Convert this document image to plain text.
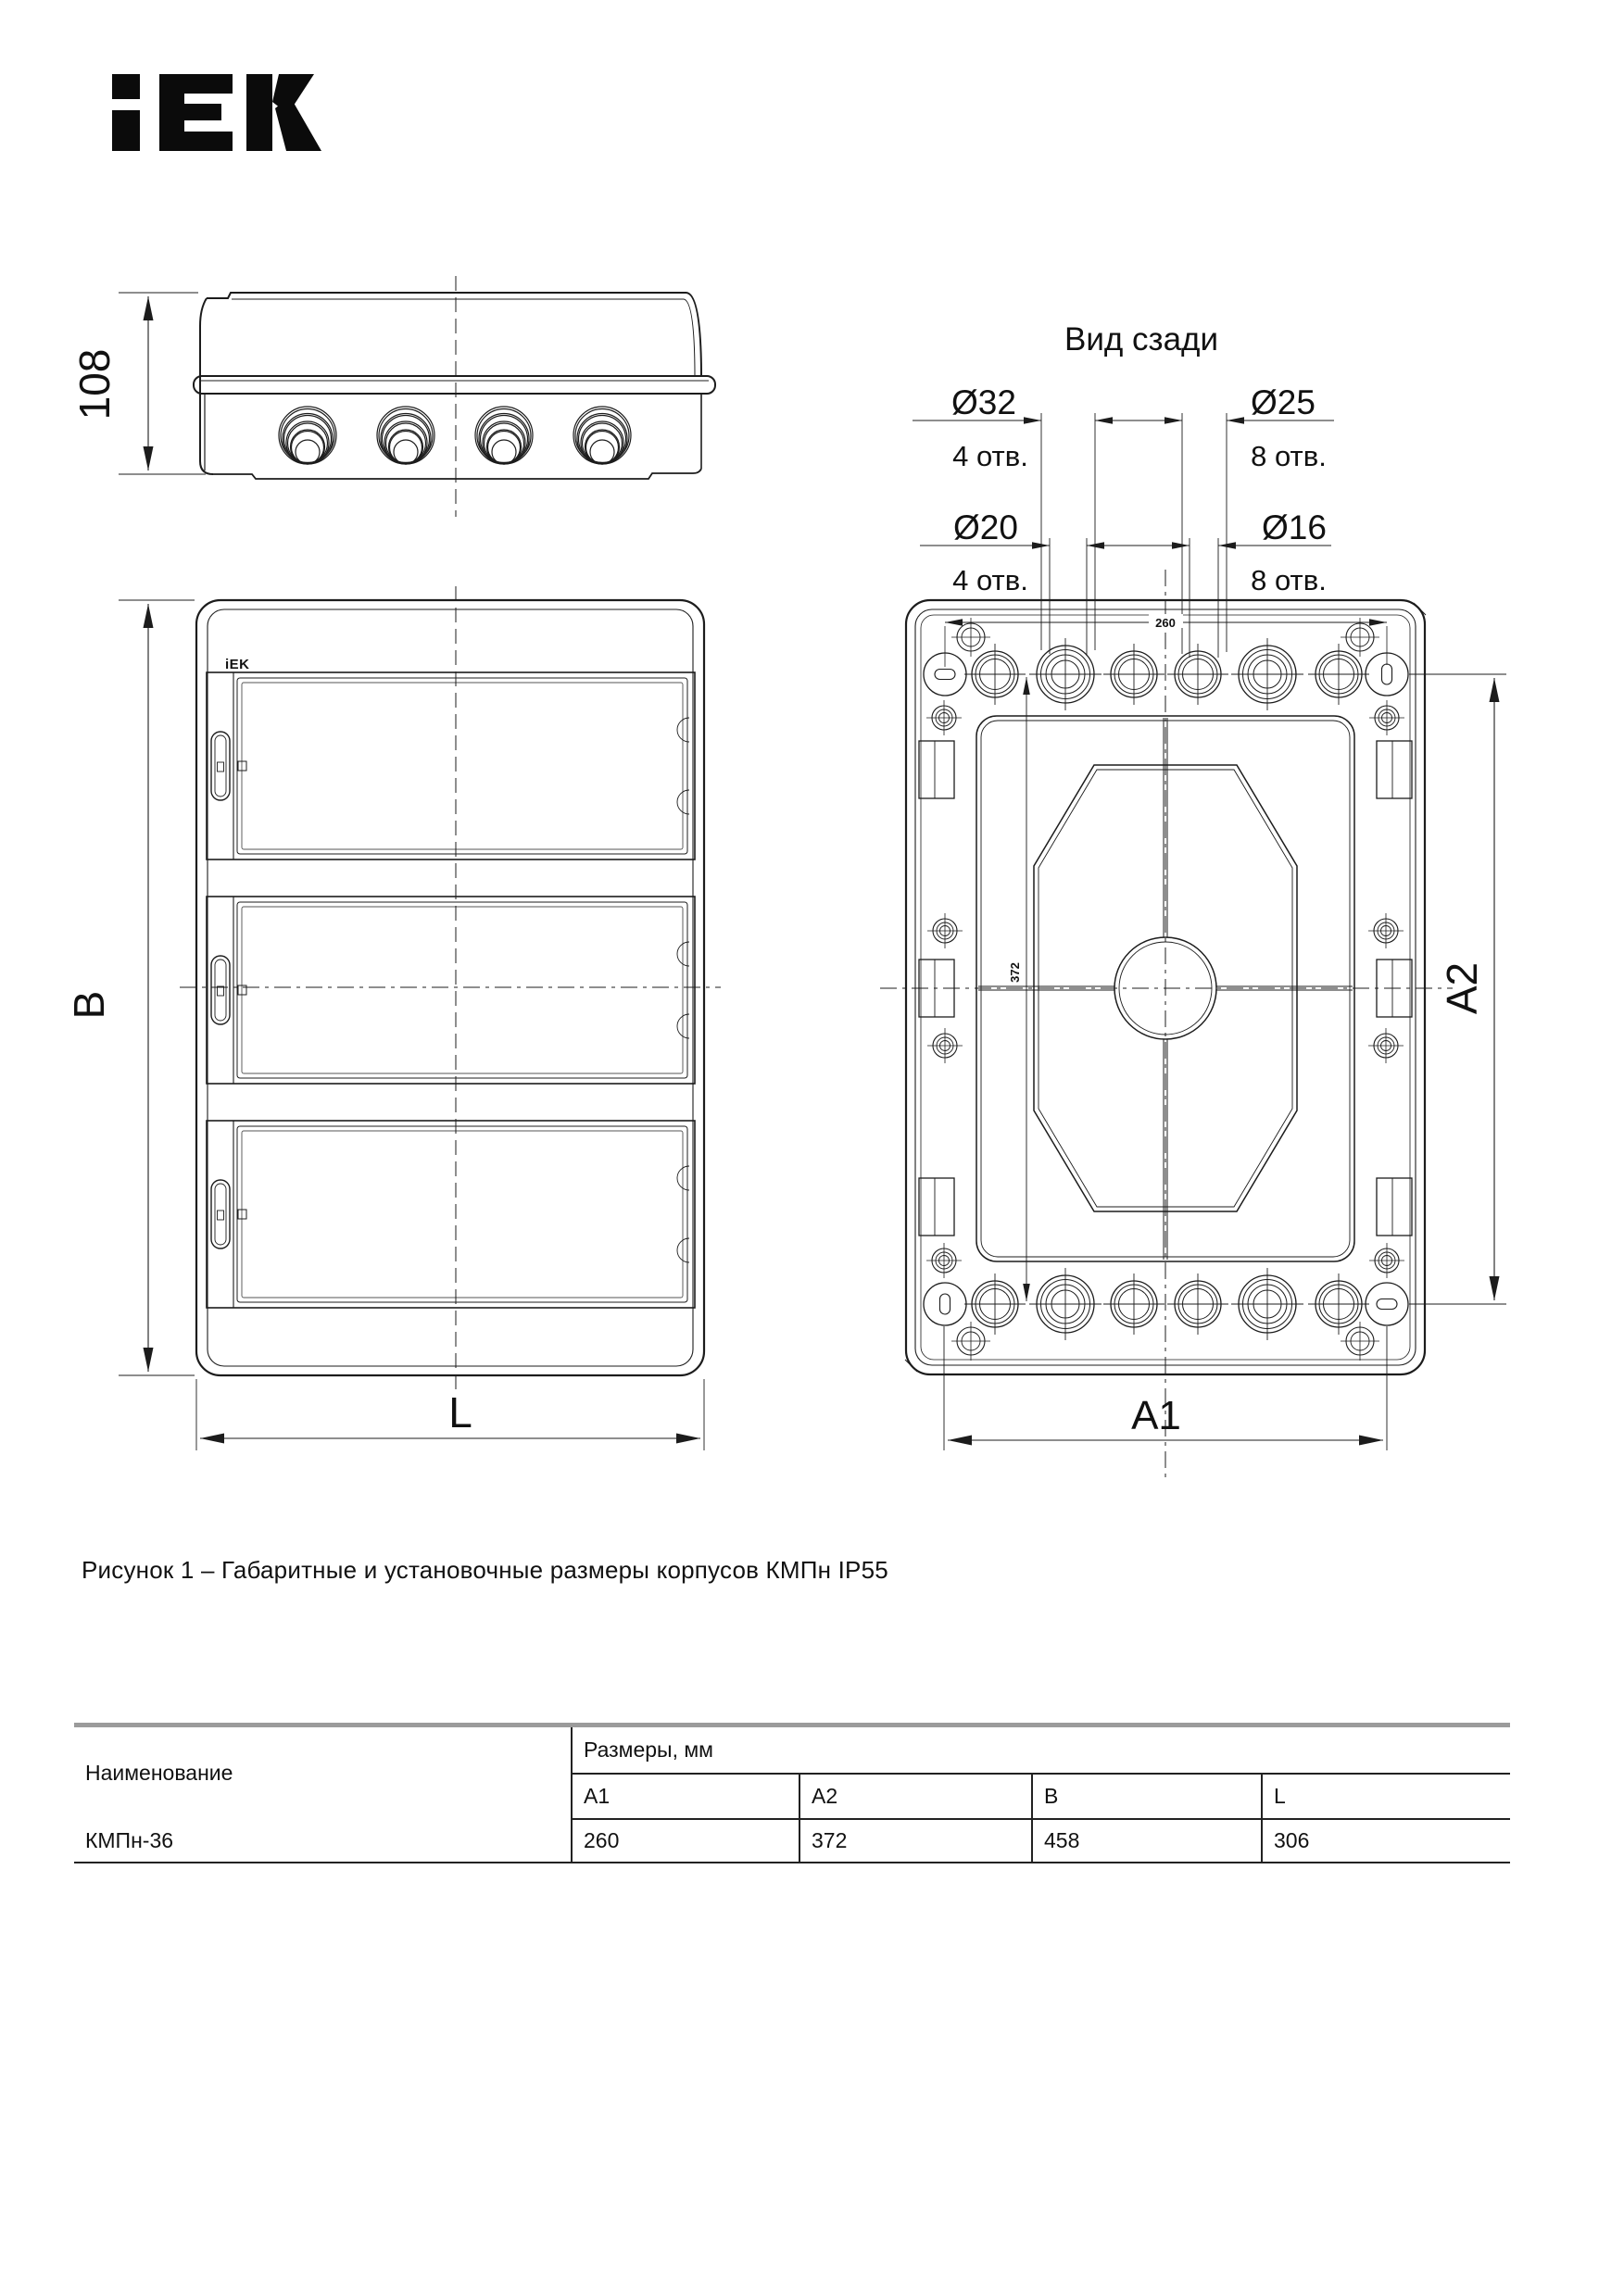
108
iEK
B
L
Вид сзади
Ø32
4 отв.
Ø25
8 отв.
Ø20
4 отв.
Ø16
8 отв.
260
372	A2
A1
Рисунок 1 – Габаритные и установочные размеры корпусов КМПн IP55
Наименование	Размеры, мм			
	A1	A2	B	L
КМПн-36	260	372	458	306
